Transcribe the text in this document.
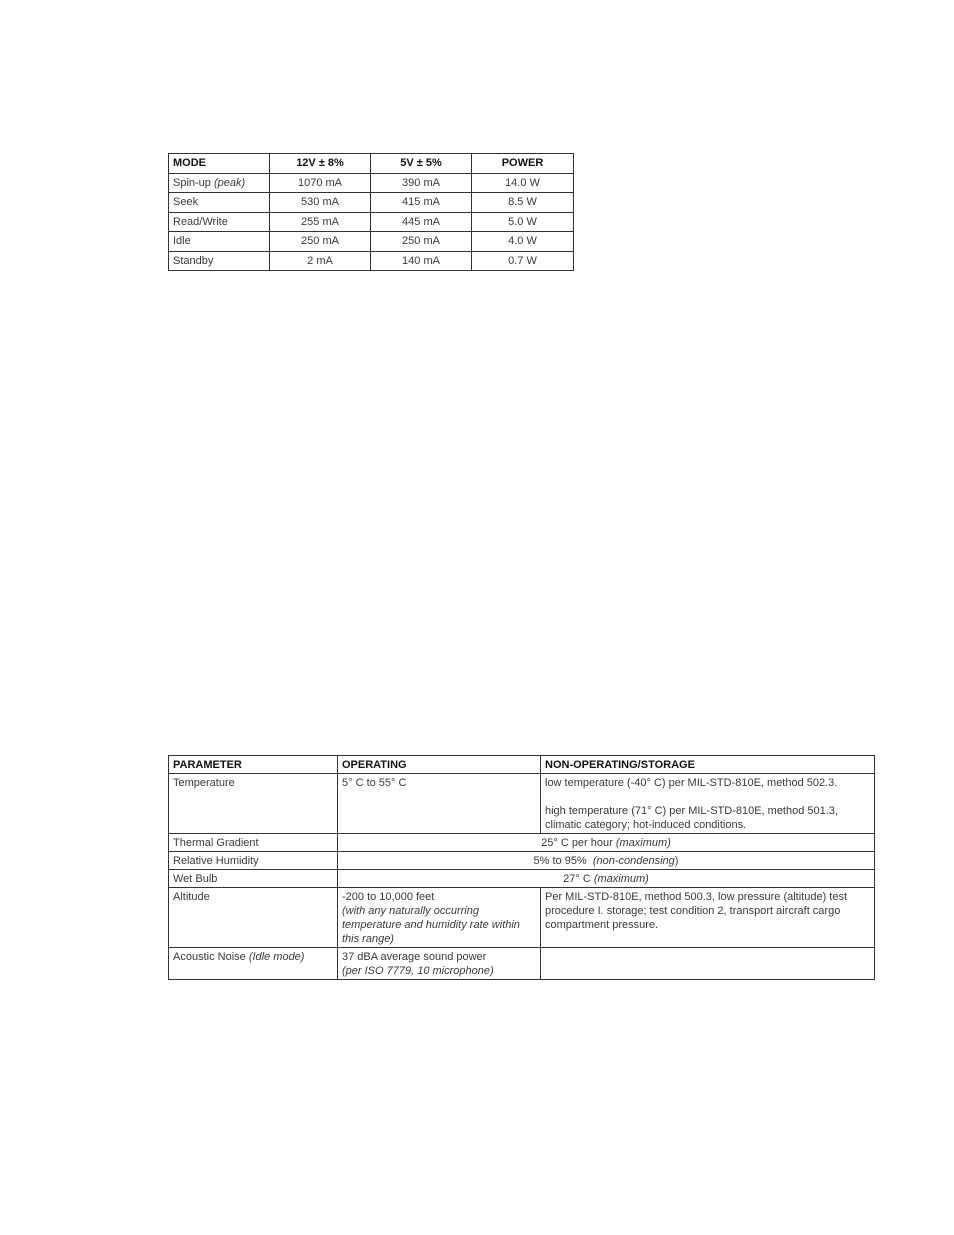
MODE	12V ± 8%	5V ± 5%	POWER
Spin-up (peak)	1070 mA	390 mA	14.0 W
Seek	530 mA	415 mA	8.5 W
Read/Write	255 mA	445 mA	5.0 W
Idle	250 mA	250 mA	4.0 W
Standby	2 mA	140 mA	0.7 W
PARAMETER	OPERATING	NON-OPERATING/STORAGE
Temperature	5° C to 55° C	low temperature (-40° C) per MIL-STD-810E, method 502.3.
high temperature (71° C) per MIL-STD-810E, method 501.3,
climatic category; hot-induced conditions.

Thermal Gradient	25° C per hour (maximum)	
Relative Humidity	5% to 95% (non-condensing)	
Wet Bulb	27° C (maximum)	
Altitude	-200 to 10,000 feet
(with any naturally occurring
temperature and humidity rate within
this range)	Per MIL-STD-810E, method 500.3, low pressure (altitude) test
procedure I. storage; test condition 2, transport aircraft cargo
compartment pressure.

Acoustic Noise (Idle mode)	37 dBA average sound power
(per ISO 7779, 10 microphone)	
